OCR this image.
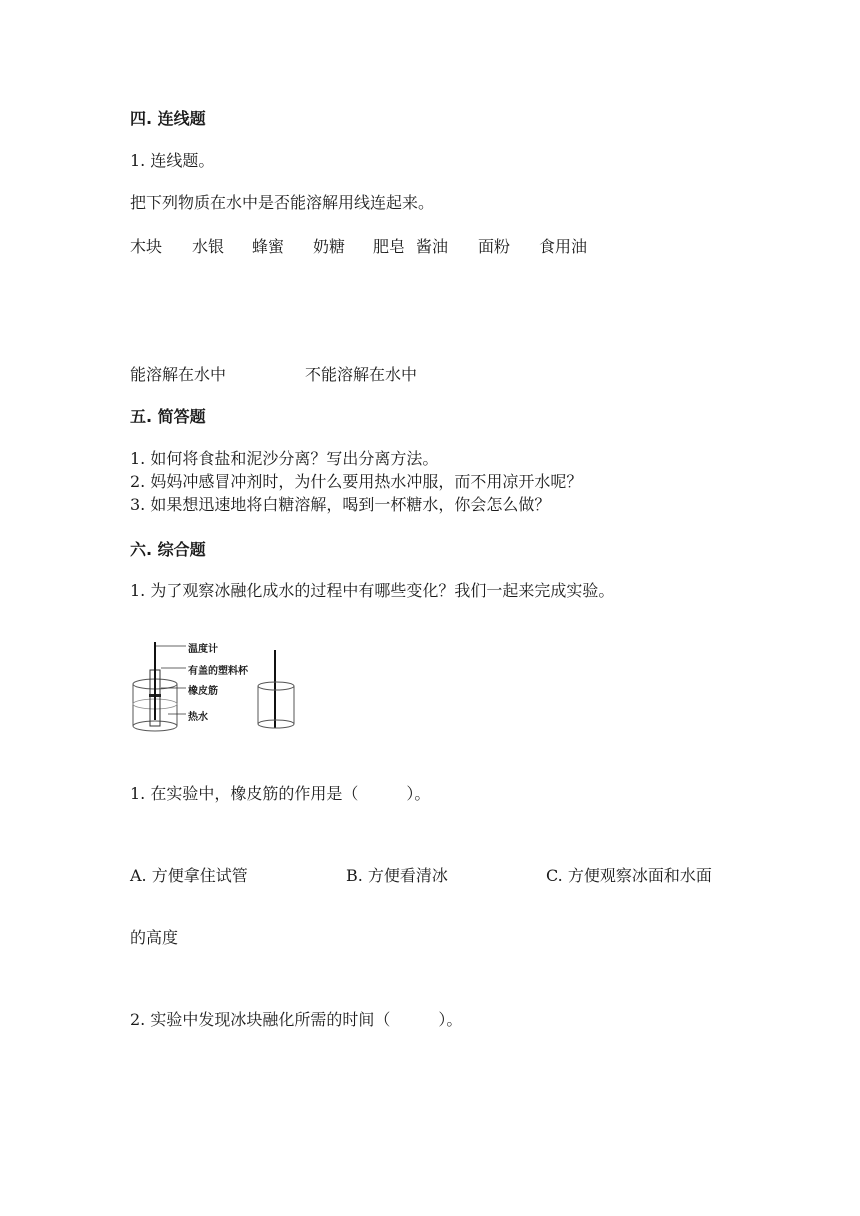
四. 连线题
1. 连线题。
把下列物质在水中是否能溶解用线连起来。
木块 水银 蜂蜜 奶糖 肥皂 酱油 面粉 食用油
能溶解在水中	不能溶解在水中
五. 简答题
1. 如何将食盐和泥沙分离？写出分离方法。
2. 妈妈冲感冒冲剂时，为什么要用热水冲服，而不用凉开水呢？
3. 如果想迅速地将白糖溶解，喝到一杯糖水，你会怎么做？
六. 综合题
1. 为了观察冰融化成水的过程中有哪些变化？我们一起来完成实验。
温度计
有盖的塑料杯
橡皮筋
热水
1. 在实验中，橡皮筋的作用是（　　　）。
A. 方便拿住试管	B. 方便看清冰	C. 方便观察冰面和水面
的高度
2. 实验中发现冰块融化所需的时间（　　　）。
